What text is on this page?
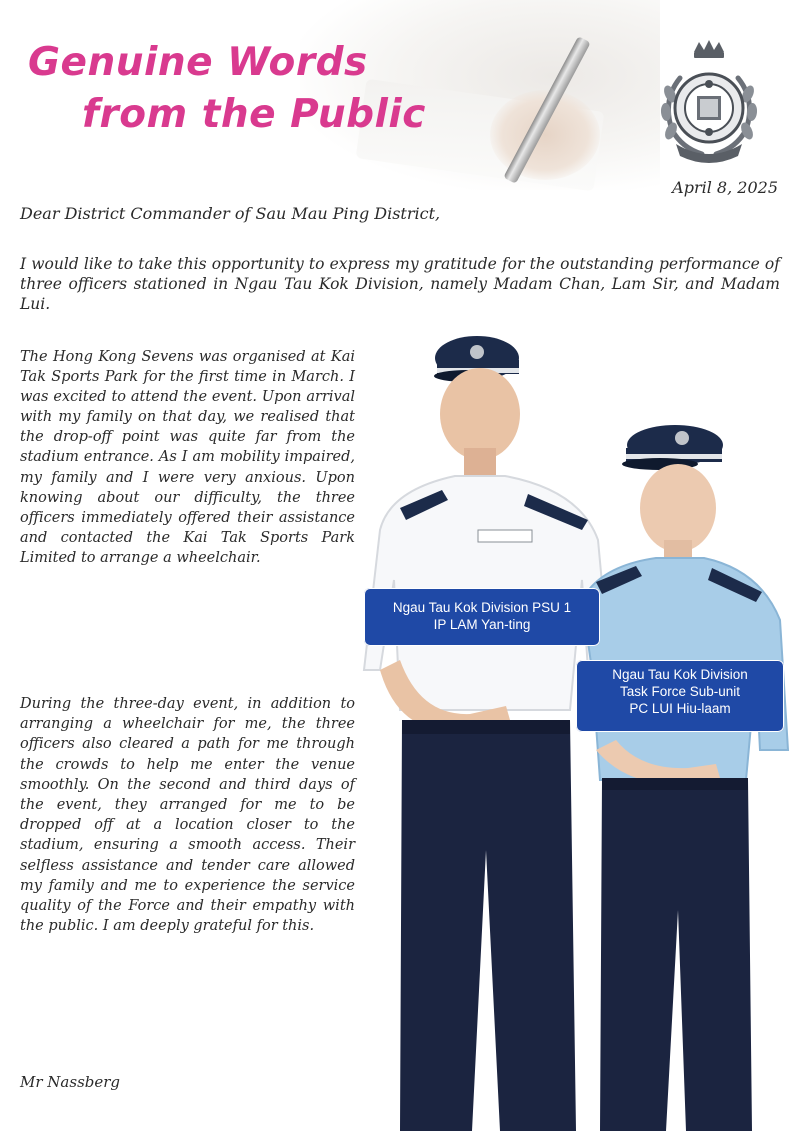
Genuine Words
from the Public

April 8, 2025

Dear District Commander of Sau Mau Ping District,

I would like to take this opportunity to express my gratitude for the outstanding performance of three officers stationed in Ngau Tau Kok Division, namely Madam Chan, Lam Sir, and Madam Lui.

The Hong Kong Sevens was organised at Kai Tak Sports Park for the first time in March. I was excited to attend the event. Upon arrival with my family on that day, we realised that the drop-off point was quite far from the stadium entrance. As I am mobility impaired, my family and I were very anxious. Upon knowing about our difficulty, the three officers immediately offered their assistance and contacted the Kai Tak Sports Park Limited to arrange a wheelchair.

During the three-day event, in addition to arranging a wheelchair for me, the three officers also cleared a path for me through the crowds to help me enter the venue smoothly. On the second and third days of the event, they arranged for me to be dropped off at a location closer to the stadium, ensuring a smooth access. Their selfless assistance and tender care allowed my family and me to experience the service quality of the Force and their empathy with the public. I am deeply grateful for this.

Mr Nassberg

Ngau Tau Kok Division PSU 1
IP LAM Yan-ting
Ngau Tau Kok Division
Task Force Sub-unit
PC LUI Hiu-laam
